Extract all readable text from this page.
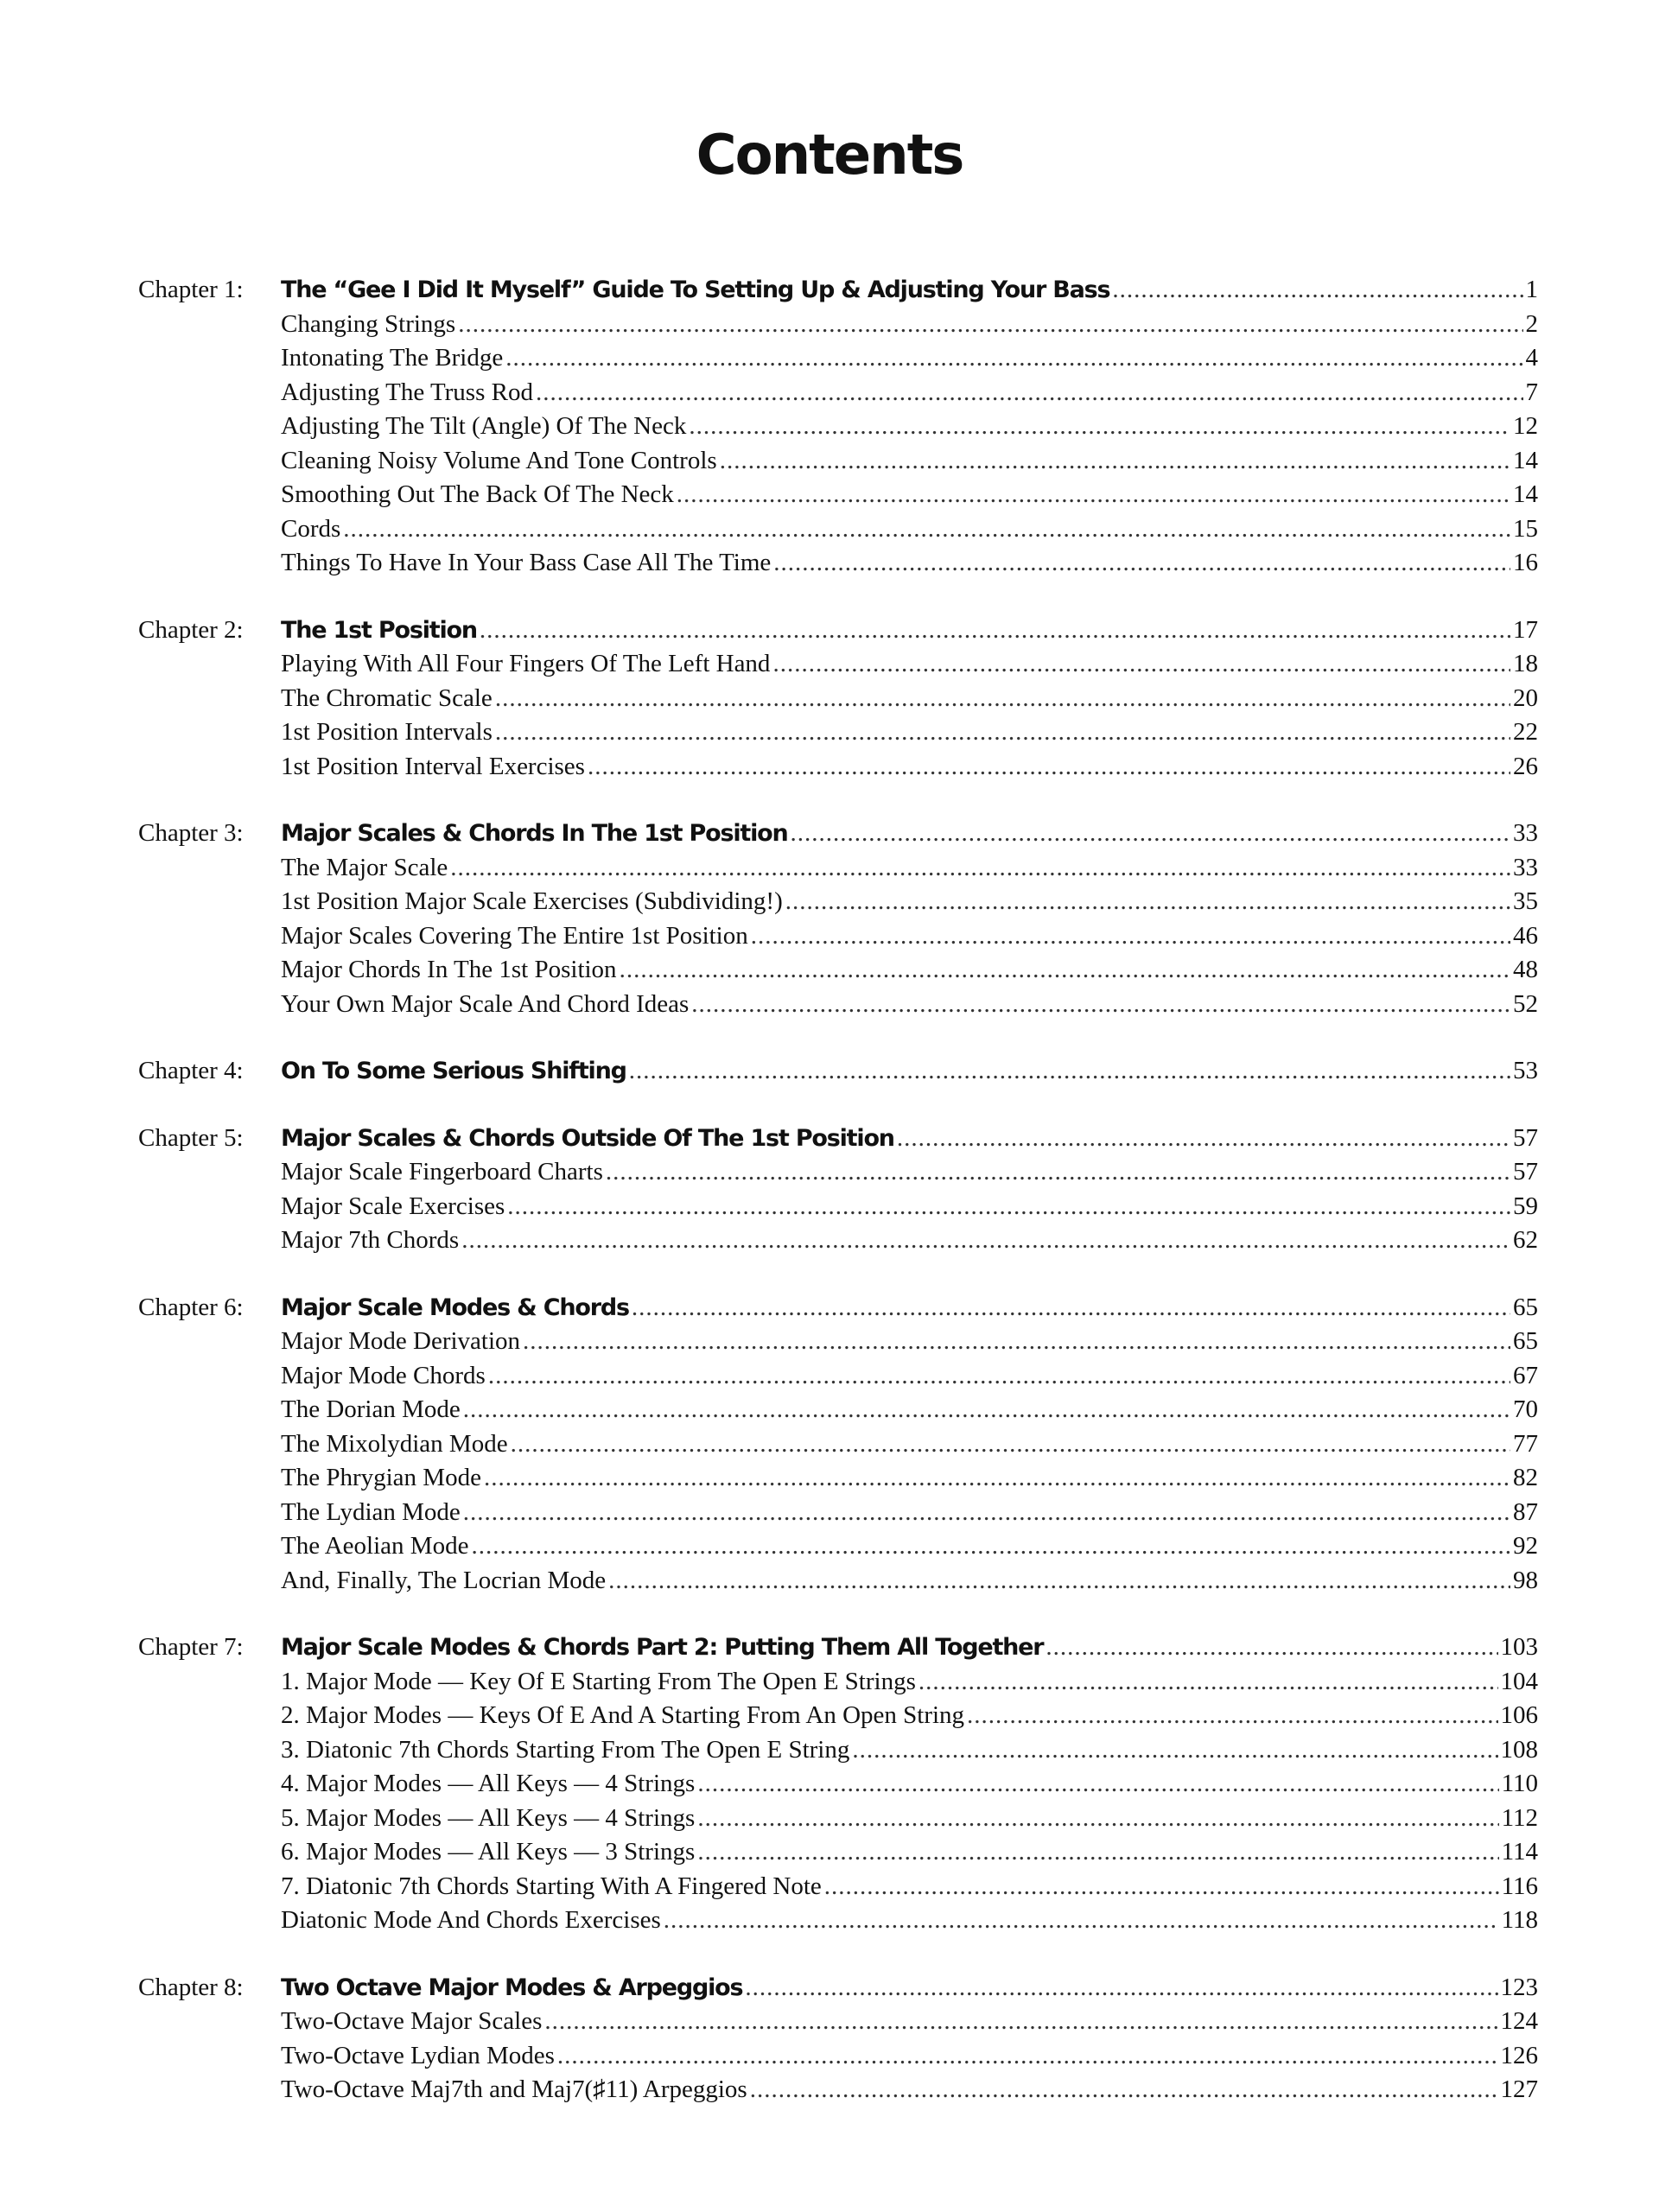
Contents
Chapter 1:	The “Gee I Did It Myself” Guide To Setting Up & Adjusting Your Bass .....	1
Changing Strings .....	2
Intonating The Bridge .....	4
Adjusting The Truss Rod .....	7
Adjusting The Tilt (Angle) Of The Neck .....	12
Cleaning Noisy Volume And Tone Controls .....	14
Smoothing Out The Back Of The Neck .....	14
Cords .....	15
Things To Have In Your Bass Case All The Time .....	16
Chapter 2:	The 1st Position .....	17
Playing With All Four Fingers Of The Left Hand .....	18
The Chromatic Scale .....	20
1st Position Intervals .....	22
1st Position Interval Exercises .....	26
Chapter 3:	Major Scales & Chords In The 1st Position .....	33
The Major Scale .....	33
1st Position Major Scale Exercises (Subdividing!) .....	35
Major Scales Covering The Entire 1st Position .....	46
Major Chords In The 1st Position .....	48
Your Own Major Scale And Chord Ideas .....	52
Chapter 4:	On To Some Serious Shifting .....	53
Chapter 5:	Major Scales & Chords Outside Of The 1st Position .....	57
Major Scale Fingerboard Charts .....	57
Major Scale Exercises .....	59
Major 7th Chords .....	62
Chapter 6:	Major Scale Modes & Chords .....	65
Major Mode Derivation .....	65
Major Mode Chords .....	67
The Dorian Mode .....	70
The Mixolydian Mode .....	77
The Phrygian Mode .....	82
The Lydian Mode .....	87
The Aeolian Mode .....	92
And, Finally, The Locrian Mode .....	98
Chapter 7:	Major Scale Modes & Chords Part 2: Putting Them All Together .....	103
1. Major Mode — Key Of E Starting From The Open E Strings .....	104
2. Major Modes — Keys Of E And A Starting From An Open String .....	106
3. Diatonic 7th Chords Starting From The Open E String .....	108
4. Major Modes — All Keys — 4 Strings .....	110
5. Major Modes — All Keys — 4 Strings .....	112
6. Major Modes — All Keys — 3 Strings .....	114
7. Diatonic 7th Chords Starting With A Fingered Note .....	116
Diatonic Mode And Chords Exercises .....	118
Chapter 8:	Two Octave Major Modes & Arpeggios .....	123
Two-Octave Major Scales .....	124
Two-Octave Lydian Modes .....	126
Two-Octave Maj7th and Maj7(♯11) Arpeggios .....	127
